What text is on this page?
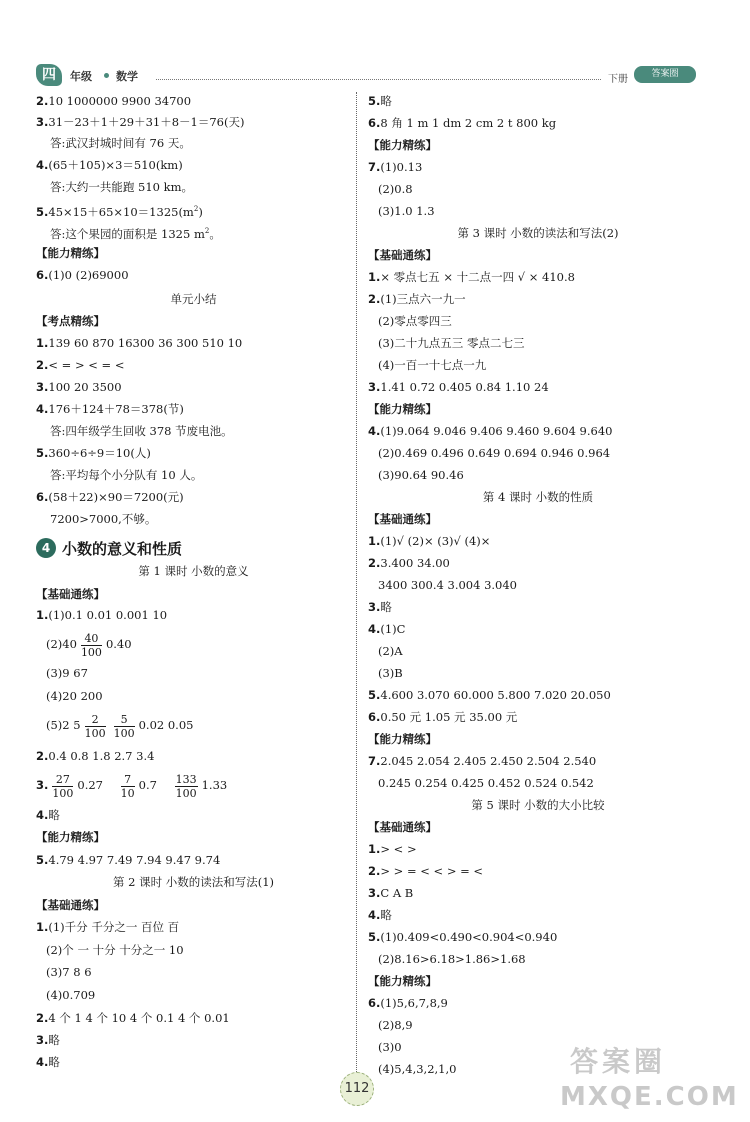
四	年级 数学	下册	答案圈
2.10 1000000 9900 34700
3.31－23＋1＋29＋31＋8－1＝76(天)
答:武汉封城时间有 76 天。
4.(65＋105)×3＝510(km)
答:大约一共能跑 510 km。
$5.45\times 15+65\times 10=1325(m^2)$
答:这个果园的面积是 1325 $m^2$。
【能力精练】
6.(1)0 (2)69000
单元小结
【考点精练】
1.139 60 870 16300 36 300 510 10
2.< = > < = <
3.100 20 3500
4.176＋124＋78＝378(节)
答:四年级学生回收 378 节废电池。
5.360÷6÷9＝10(人)
答:平均每个小分队有 10 人。
6.(58＋22)×90＝7200(元)
7200>7000,不够。
4 小数的意义和性质
第 1 课时 小数的意义
【基础通练】
1.(1)0.1 0.01 0.001 10
$(2)40 \frac{40}{100} 0.40$
(3)9 67
(4)20 200
(5)2 $5 \frac{2}{100} \frac{5}{100} 0.02$ 0.05
2.0.4 0.8 1.8 2.7 3.4
3. $\frac{27}{100} 0.27 \frac{7}{10} 0.7 \frac{133}{100} 1.33$
4.略
【能力精练】
5.4.79 4.97 7.49 7.94 9.47 9.74
第 2 课时 小数的读法和写法(1)
【基础通练】
1.(1)千分 千分之一 百位 百
(2)个 一 十分 十分之一 10
(3)7 8 6
(4)0.709
2.4 个 1 4 个 10 4 个 0.1 4 个 0.01
3.略
4.略
5.略
6.8 角 1 m 1 dm 2 cm 2 t 800 kg
【能力精练】
7.(1)0.13
(2)0.8
(3)1.0 1.3
第 3 课时 小数的读法和写法(2)
【基础通练】
1.× 零点七五 × 十二点一四 √ × 410.8
2.(1)三点六一九一
(2)零点零四三
(3)二十九点五三 零点二七三
(4)一百一十七点一九
3.1.41 0.72 0.405 0.84 1.10 24
【能力精练】
4.(1)9.064 9.046 9.406 9.460 9.604 9.640
(2)0.469 0.496 0.649 0.694 0.946 0.964
(3)90.64 90.46
第 4 课时 小数的性质
【基础通练】
1.(1)√ (2)× (3)√ (4)×
2.3.400 34.00
3400 300.4 3.004 3.040
3.略
4.(1)C
(2)A
(3)B
5.4.600 3.070 60.000 5.800 7.020 20.050
6.0.50 元 1.05 元 35.00 元
【能力精练】
7.2.045 2.054 2.405 2.450 2.504 2.540
0.245 0.254 0.425 0.452 0.524 0.542
第 5 课时 小数的大小比较
【基础通练】
1.> < >
2.> > = < < > = <
3.C A B
4.略
5.(1)0.409<0.490<0.904<0.940
(2)8.16>6.18>1.86>1.68
【能力精练】
6.(1)5,6,7,8,9
(2)8,9
(3)0
(4)5,4,3,2,1,0
112
答案圈
MXQE.COM
